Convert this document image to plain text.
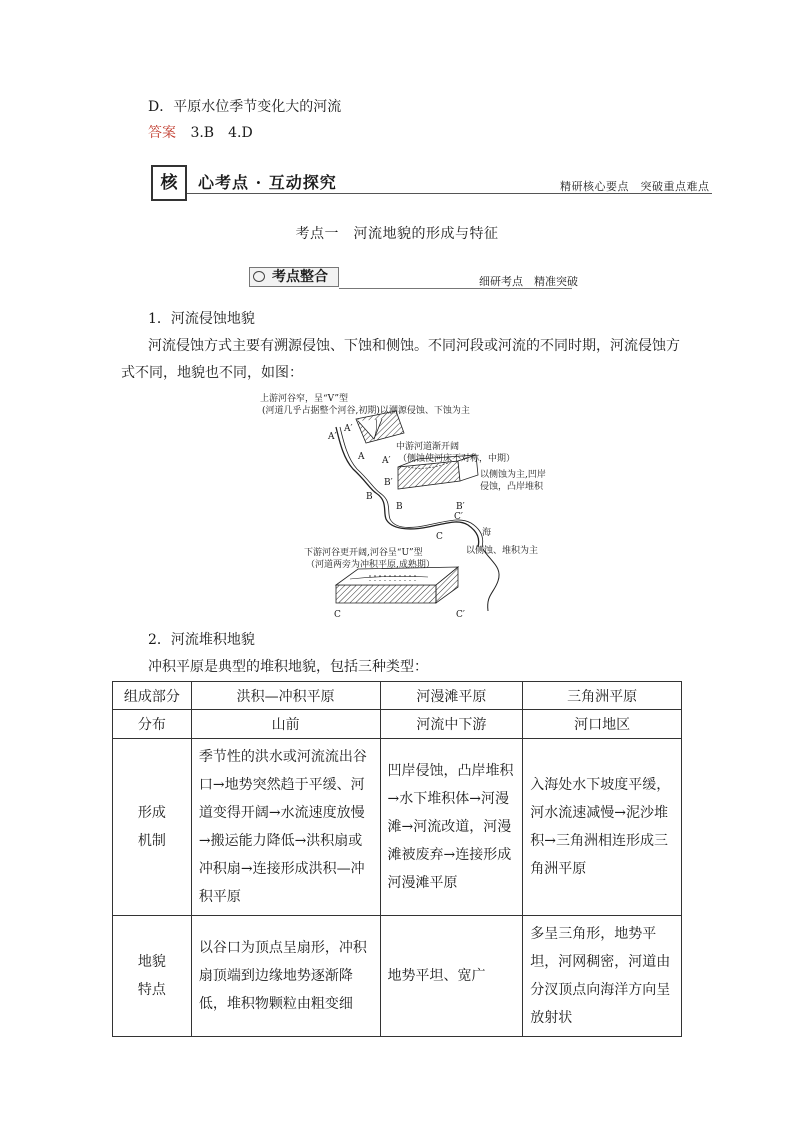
D．平原水位季节变化大的河流
答案 3.B　4.D
核	心考点 · 互动探究	精研核心要点　突破重点难点
考点一　河流地貌的形成与特征
考点整合	细研考点　精准突破
1．河流侵蚀地貌
河流侵蚀方式主要有溯源侵蚀、下蚀和侧蚀。不同河段或河流的不同时期，河流侵蚀方
式不同，地貌也不同，如图：
上游河谷窄，呈“V”型
(河道几乎占据整个河谷,初期)以溯源侵蚀、下蚀为主
A′
A′
A A′
中游河道渐开阔
（侧蚀使河床不对称，中期）
以侧蚀为主,凹岸
侵蚀，凸岸堆积
B
B′
B	B′
C′
C	海
以侧蚀、堆积为主
下游河谷更开阔,河谷呈“U”型
（河道两旁为冲积平原,成熟期）
C	C′
2．河流堆积地貌
冲积平原是典型的堆积地貌，包括三种类型：
组成部分	洪积—冲积平原	河漫滩平原	三角洲平原
分布	山前	河流中下游	河口地区
形成
机制	季节性的洪水或河流流出谷口→地势突然趋于平缓、河道变得开阔→水流速度放慢→搬运能力降低→洪积扇或冲积扇→连接形成洪积—冲积平原	凹岸侵蚀，凸岸堆积→水下堆积体→河漫滩→河流改道，河漫滩被废弃→连接形成河漫滩平原	入海处水下坡度平缓，河水流速减慢→泥沙堆积→三角洲相连形成三角洲平原
地貌
特点	以谷口为顶点呈扇形，冲积扇顶端到边缘地势逐渐降低，堆积物颗粒由粗变细	地势平坦、宽广	多呈三角形，地势平坦，河网稠密，河道由分汊顶点向海洋方向呈放射状
